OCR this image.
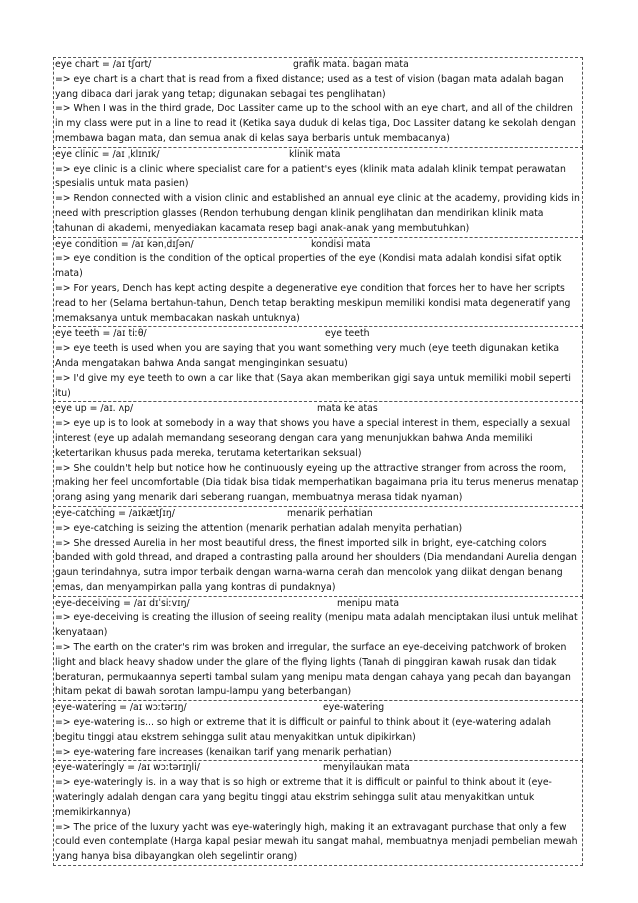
eye chart = /aɪ tʃɑrt/	grafik mata. bagan mata

=> eye chart is a chart that is read from a fixed distance; used as a test of vision (bagan mata adalah bagan yang dibaca dari jarak yang tetap; digunakan sebagai tes penglihatan)

=> When I was in the third grade, Doc Lassiter came up to the school with an eye chart, and all of the children in my class were put in a line to read it (Ketika saya duduk di kelas tiga, Doc Lassiter datang ke sekolah dengan membawa bagan mata, dan semua anak di kelas saya berbaris untuk membacanya)

eye clinic = /aɪ ˌklɪnɪk/	klinik mata

=> eye clinic is a clinic where specialist care for a patient's eyes (klinik mata adalah klinik tempat perawatan spesialis untuk mata pasien)

=> Rendon connected with a vision clinic and established an annual eye clinic at the academy, providing kids in need with prescription glasses (Rendon terhubung dengan klinik penglihatan dan mendirikan klinik mata tahunan di akademi, menyediakan kacamata resep bagi anak-anak yang membutuhkan)

eye condition = /aɪ kənˌdɪʃən/	kondisi mata

=> eye condition is the condition of the optical properties of the eye (Kondisi mata adalah kondisi sifat optik mata)

=> For years, Dench has kept acting despite a degenerative eye condition that forces her to have her scripts read to her (Selama bertahun-tahun, Dench tetap berakting meskipun memiliki kondisi mata degeneratif yang memaksanya untuk membacakan naskah untuknya)

eye teeth = /aɪ tiːθ/	eye teeth

=> eye teeth is used when you are saying that you want something very much (eye teeth digunakan ketika Anda mengatakan bahwa Anda sangat menginginkan sesuatu)

=> I'd give my eye teeth to own a car like that (Saya akan memberikan gigi saya untuk memiliki mobil seperti itu)

eye up = /aɪ. ʌp/	mata ke atas

=> eye up is to look at somebody in a way that shows you have a special interest in them, especially a sexual interest (eye up adalah memandang seseorang dengan cara yang menunjukkan bahwa Anda memiliki ketertarikan khusus pada mereka, terutama ketertarikan seksual)

=> She couldn't help but notice how he continuously eyeing up the attractive stranger from across the room, making her feel uncomfortable (Dia tidak bisa tidak memperhatikan bagaimana pria itu terus menerus menatap orang asing yang menarik dari seberang ruangan, membuatnya merasa tidak nyaman)

eye-catching = /aɪkætʃɪŋ/	menarik perhatian

=> eye-catching is seizing the attention (menarik perhatian adalah menyita perhatian)

=> She dressed Aurelia in her most beautiful dress, the finest imported silk in bright, eye-catching colors banded with gold thread, and draped a contrasting palla around her shoulders (Dia mendandani Aurelia dengan gaun terindahnya, sutra impor terbaik dengan warna-warna cerah dan mencolok yang diikat dengan benang emas, dan menyampirkan palla yang kontras di pundaknya)

eye-deceiving = /aɪ dɪˈsiːvɪŋ/	menipu mata

=> eye-deceiving is creating the illusion of seeing reality (menipu mata adalah menciptakan ilusi untuk melihat kenyataan)

=> The earth on the crater's rim was broken and irregular, the surface an eye-deceiving patchwork of broken light and black heavy shadow under the glare of the flying lights (Tanah di pinggiran kawah rusak dan tidak beraturan, permukaannya seperti tambal sulam yang menipu mata dengan cahaya yang pecah dan bayangan hitam pekat di bawah sorotan lampu-lampu yang beterbangan)

eye-watering = /aɪ wɔːtərɪŋ/	eye-watering

=> eye-watering is... so high or extreme that it is difficult or painful to think about it (eye-watering adalah begitu tinggi atau ekstrem sehingga sulit atau menyakitkan untuk dipikirkan)

=> eye-watering fare increases (kenaikan tarif yang menarik perhatian)

eye-wateringly = /aɪ wɔːtərɪŋli/	menyilaukan mata

=> eye-wateringly is. in a way that is so high or extreme that it is difficult or painful to think about it (eye-wateringly adalah dengan cara yang begitu tinggi atau ekstrim sehingga sulit atau menyakitkan untuk memikirkannya)

=> The price of the luxury yacht was eye-wateringly high, making it an extravagant purchase that only a few could even contemplate (Harga kapal pesiar mewah itu sangat mahal, membuatnya menjadi pembelian mewah yang hanya bisa dibayangkan oleh segelintir orang)
